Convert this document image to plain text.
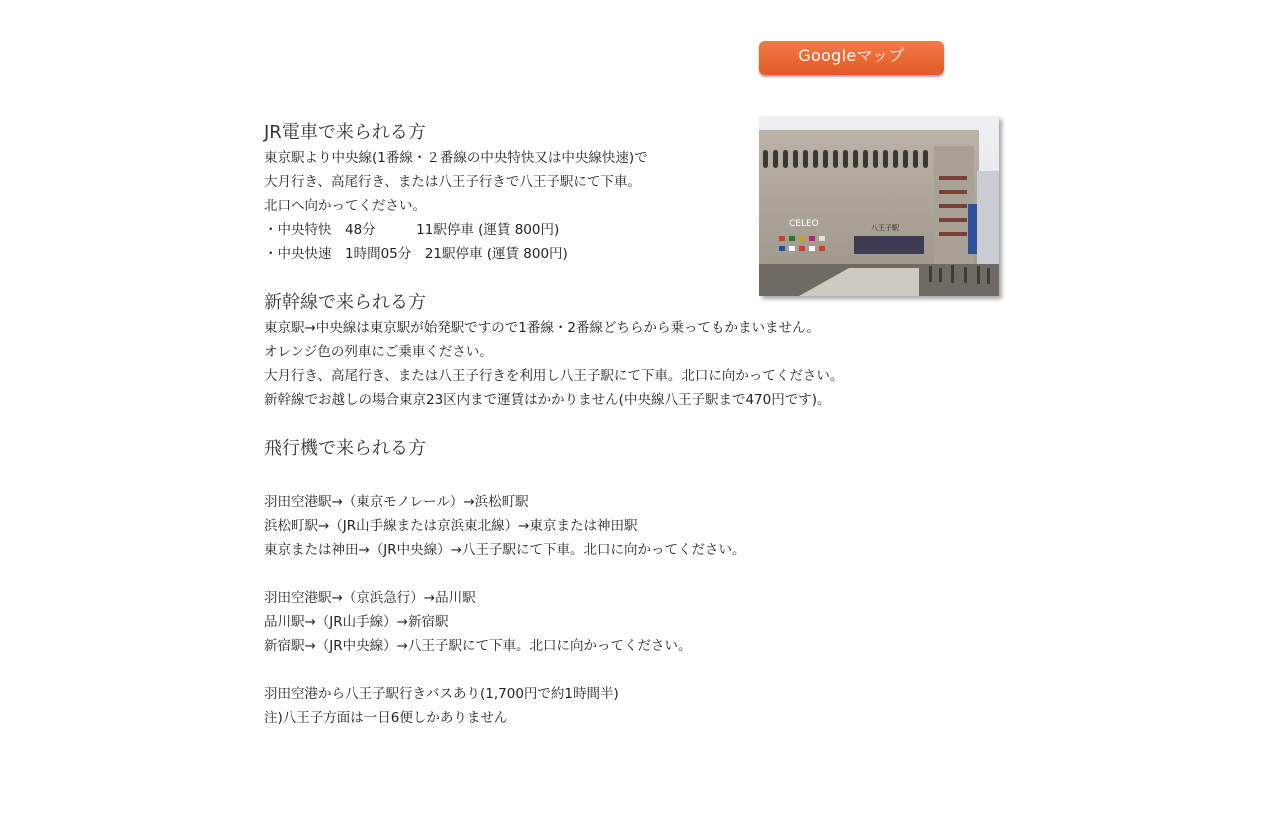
Googleマップ
CELEO	八王子駅
JR電車で来られる方
東京駅より中央線(1番線・２番線の中央特快又は中央線快速)で
大月行き、高尾行き、または八王子行きで八王子駅にて下車。
北口へ向かってください。
・中央特快　48分　　　11駅停車 (運賃 800円)
・中央快速　1時間05分　21駅停車 (運賃 800円)
新幹線で来られる方
東京駅→中央線は東京駅が始発駅ですので1番線・2番線どちらから乗ってもかまいません。
オレンジ色の列車にご乗車ください。
大月行き、高尾行き、または八王子行きを利用し八王子駅にて下車。北口に向かってください。
新幹線でお越しの場合東京23区内まで運賃はかかりません(中央線八王子駅まで470円です)。
飛行機で来られる方
羽田空港駅→（東京モノレール）→浜松町駅
浜松町駅→（JR山手線または京浜東北線）→東京または神田駅
東京または神田→（JR中央線）→八王子駅にて下車。北口に向かってください。
羽田空港駅→（京浜急行）→品川駅
品川駅→（JR山手線）→新宿駅
新宿駅→（JR中央線）→八王子駅にて下車。北口に向かってください。
羽田空港から八王子駅行きバスあり(1,700円で約1時間半)
注)八王子方面は一日6便しかありません
